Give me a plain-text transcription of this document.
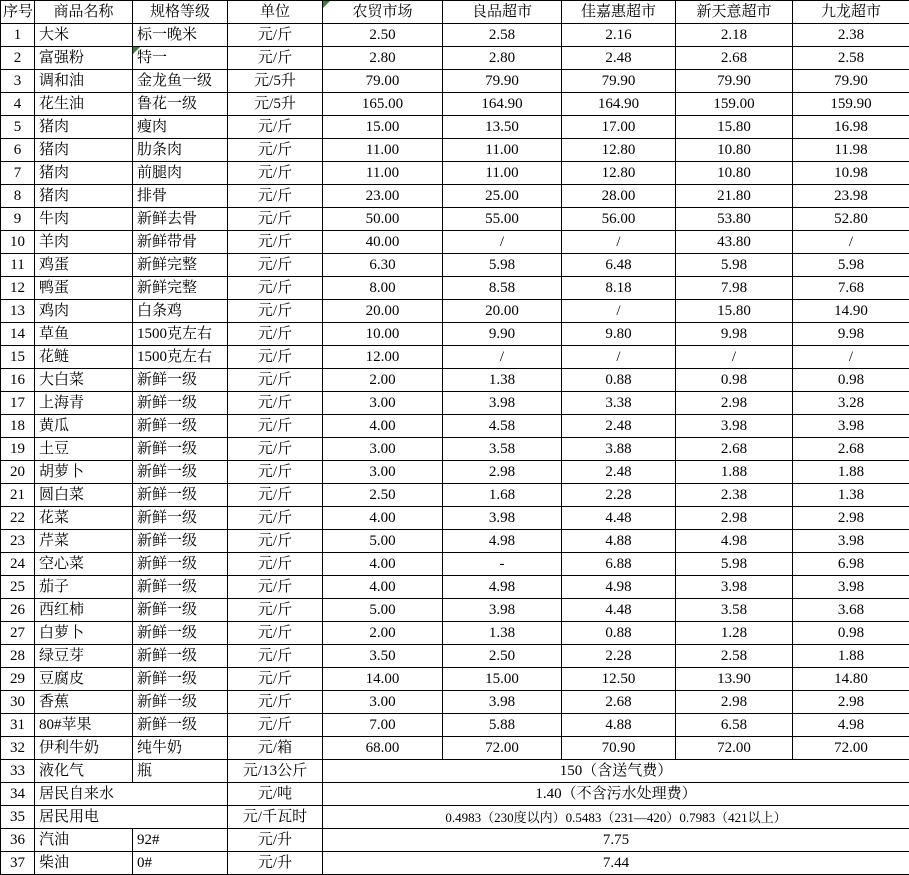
序号	商品名称	规格等级	单位	农贸市场	良品超市	佳嘉惠超市	新天意超市	九龙超市
1	大米	标一晚米	元/斤	2.50	2.58	2.16	2.18	2.38
2	富强粉	特一	元/斤	2.80	2.80	2.48	2.68	2.58
3	调和油	金龙鱼一级	元/5升	79.00	79.90	79.90	79.90	79.90
4	花生油	鲁花一级	元/5升	165.00	164.90	164.90	159.00	159.90
5	猪肉	瘦肉	元/斤	15.00	13.50	17.00	15.80	16.98
6	猪肉	肋条肉	元/斤	11.00	11.00	12.80	10.80	11.98
7	猪肉	前腿肉	元/斤	11.00	11.00	12.80	10.80	10.98
8	猪肉	排骨	元/斤	23.00	25.00	28.00	21.80	23.98
9	牛肉	新鲜去骨	元/斤	50.00	55.00	56.00	53.80	52.80
10	羊肉	新鲜带骨	元/斤	40.00	/	/	43.80	/
11	鸡蛋	新鲜完整	元/斤	6.30	5.98	6.48	5.98	5.98
12	鸭蛋	新鲜完整	元/斤	8.00	8.58	8.18	7.98	7.68
13	鸡肉	白条鸡	元/斤	20.00	20.00	/	15.80	14.90
14	草鱼	1500克左右	元/斤	10.00	9.90	9.80	9.98	9.98
15	花鲢	1500克左右	元/斤	12.00	/	/	/	/
16	大白菜	新鲜一级	元/斤	2.00	1.38	0.88	0.98	0.98
17	上海青	新鲜一级	元/斤	3.00	3.98	3.38	2.98	3.28
18	黄瓜	新鲜一级	元/斤	4.00	4.58	2.48	3.98	3.98
19	土豆	新鲜一级	元/斤	3.00	3.58	3.88	2.68	2.68
20	胡萝卜	新鲜一级	元/斤	3.00	2.98	2.48	1.88	1.88
21	圆白菜	新鲜一级	元/斤	2.50	1.68	2.28	2.38	1.38
22	花菜	新鲜一级	元/斤	4.00	3.98	4.48	2.98	2.98
23	芹菜	新鲜一级	元/斤	5.00	4.98	4.88	4.98	3.98
24	空心菜	新鲜一级	元/斤	4.00	-	6.88	5.98	6.98
25	茄子	新鲜一级	元/斤	4.00	4.98	4.98	3.98	3.98
26	西红柿	新鲜一级	元/斤	5.00	3.98	4.48	3.58	3.68
27	白萝卜	新鲜一级	元/斤	2.00	1.38	0.88	1.28	0.98
28	绿豆芽	新鲜一级	元/斤	3.50	2.50	2.28	2.58	1.88
29	豆腐皮	新鲜一级	元/斤	14.00	15.00	12.50	13.90	14.80
30	香蕉	新鲜一级	元/斤	3.00	3.98	2.68	2.98	2.98
31	80#苹果	新鲜一级	元/斤	7.00	5.88	4.88	6.58	4.98
32	伊利牛奶	纯牛奶	元/箱	68.00	72.00	70.90	72.00	72.00
33	液化气	瓶	元/13公斤	150（含送气费）				
34	居民自来水		元/吨	1.40（不含污水处理费）				
35	居民用电		元/千瓦时	0.4983（230度以内）0.5483（231—420）0.7983（421以上）				
36	汽油	92#	元/升	7.75				
37	柴油	0#	元/升	7.44				
